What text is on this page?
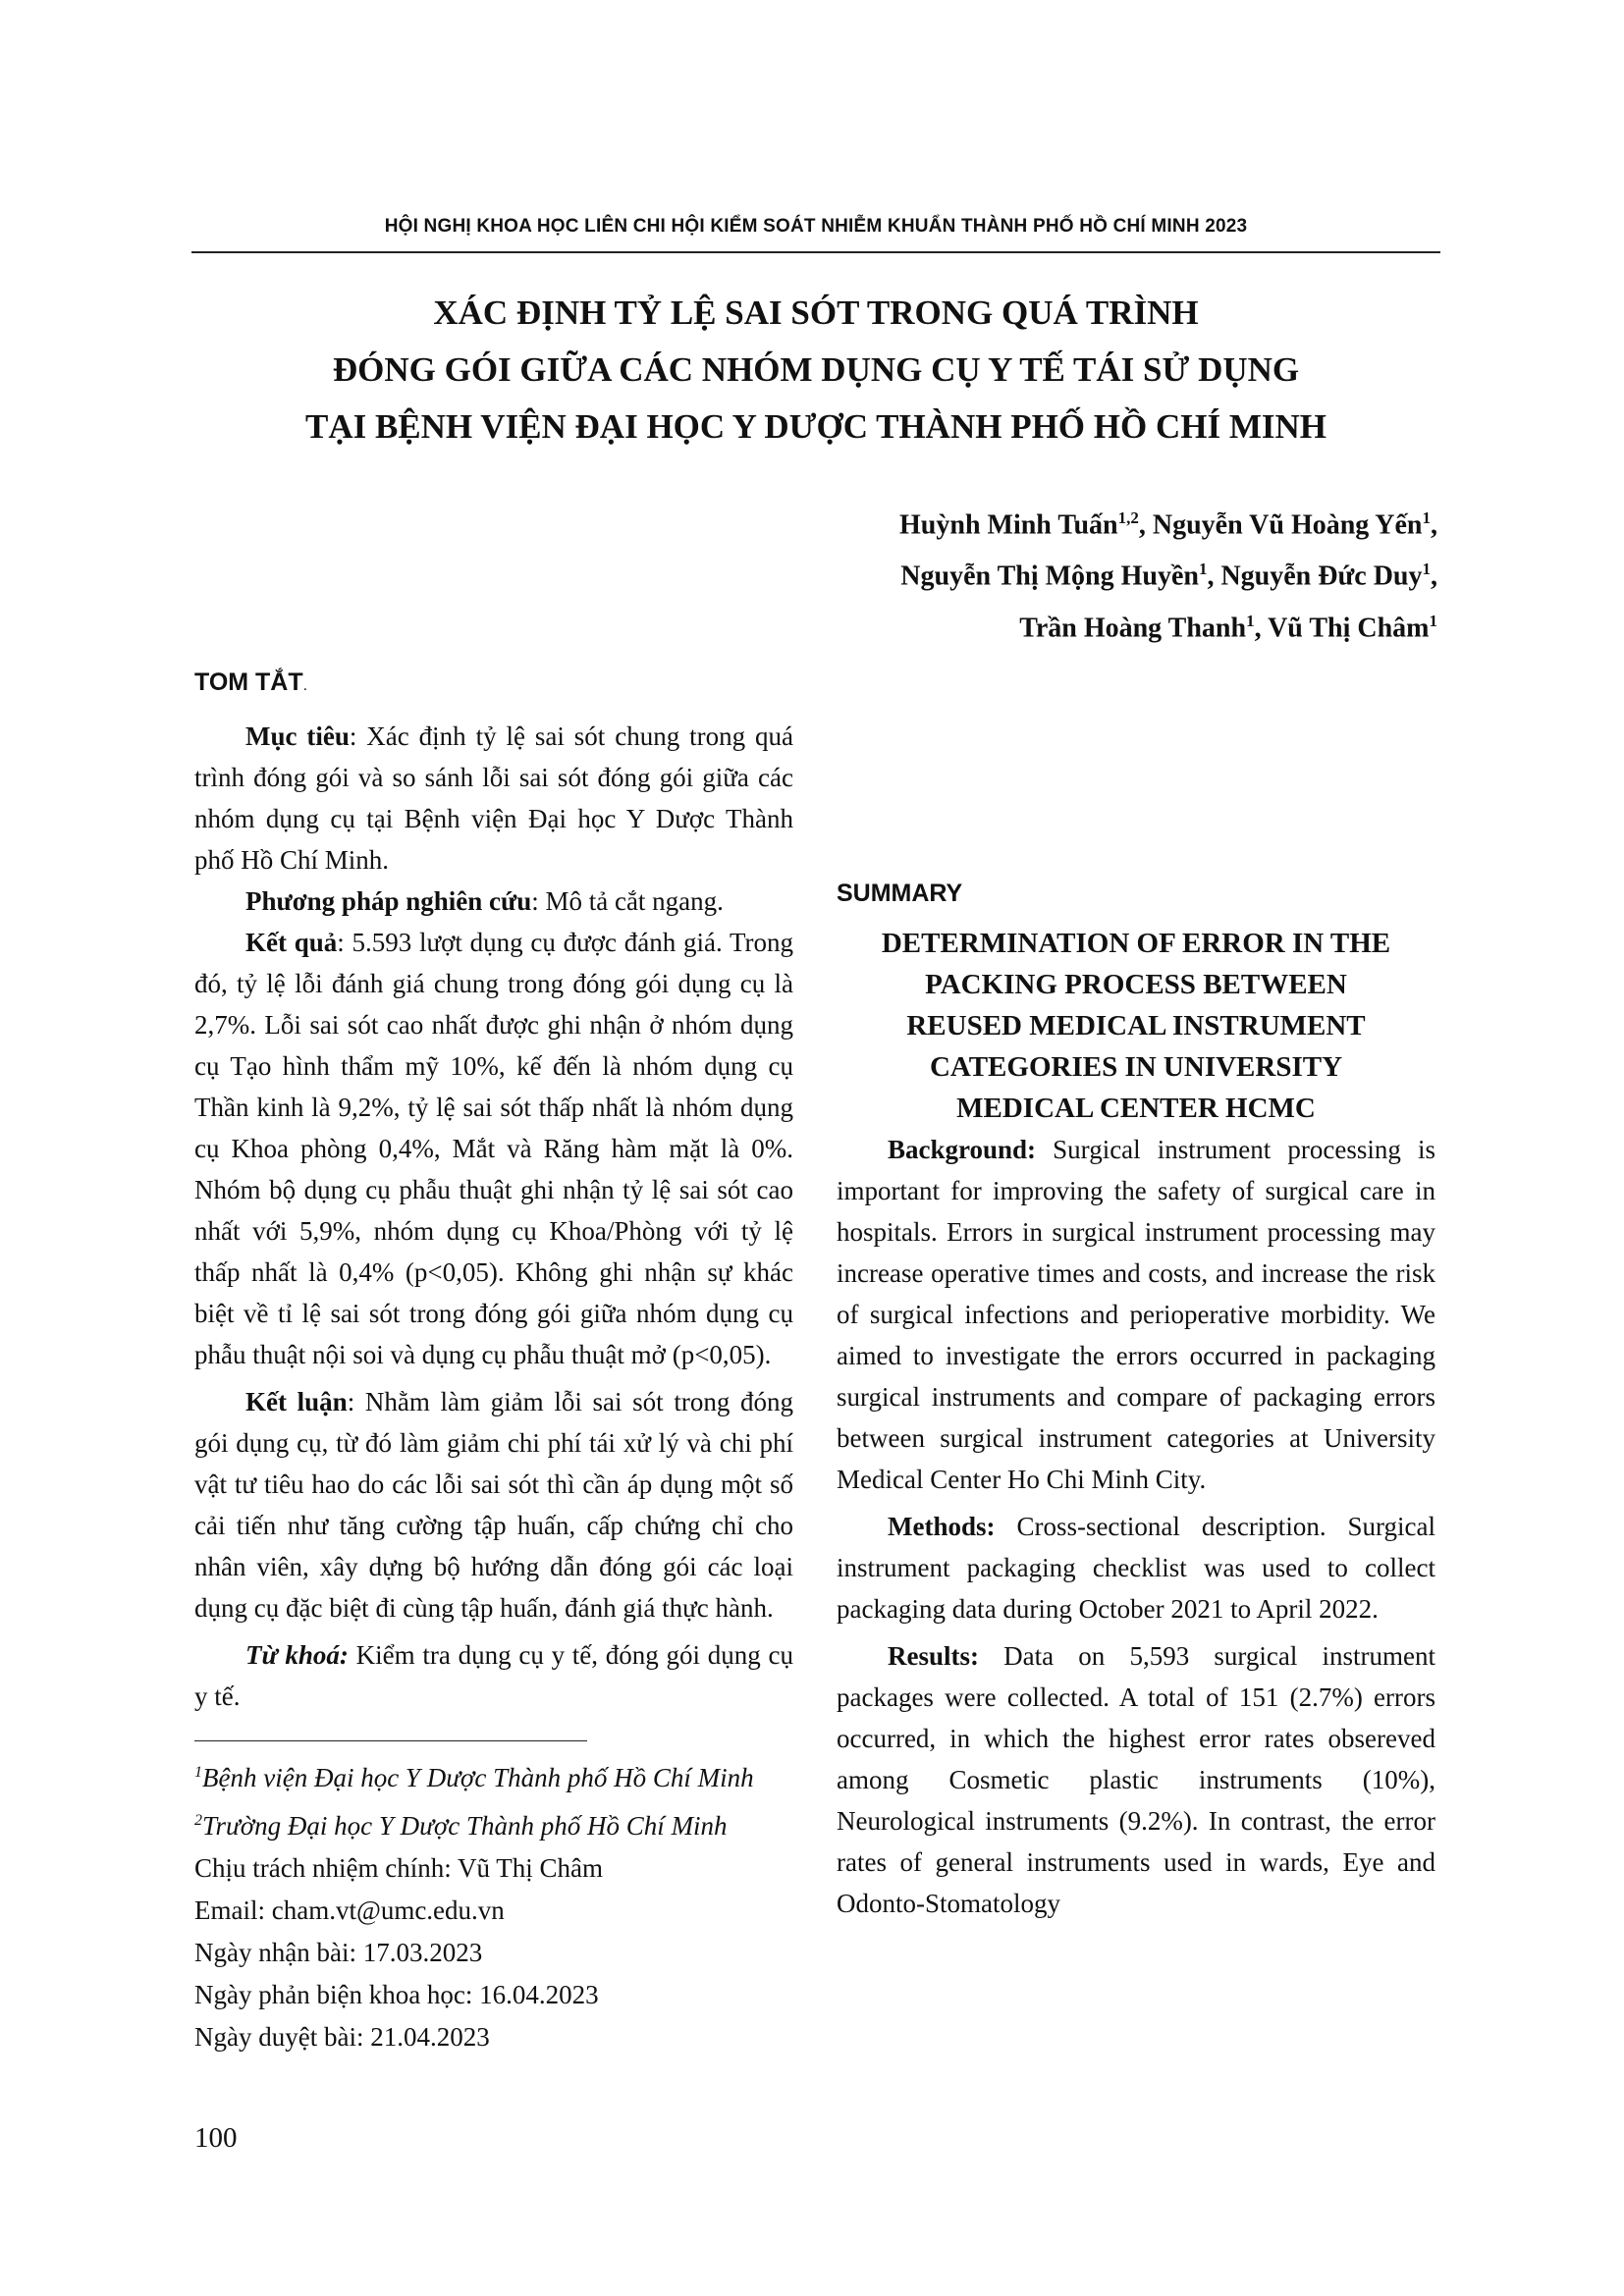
HỘI NGHỊ KHOA HỌC LIÊN CHI HỘI KIỂM SOÁT NHIỄM KHUẨN THÀNH PHỐ HỒ CHÍ MINH 2023
XÁC ĐỊNH TỶ LỆ SAI SÓT TRONG QUÁ TRÌNH
ĐÓNG GÓI GIỮA CÁC NHÓM DỤNG CỤ Y TẾ TÁI SỬ DỤNG
TẠI BỆNH VIỆN ĐẠI HỌC Y DƯỢC THÀNH PHỐ HỒ CHÍ MINH
Huỳnh Minh Tuấn$^{1,2}$, Nguyễn Vũ Hoàng Yến$^1$,
Nguyễn Thị Mộng Huyền$^1$, Nguyễn Đức Duy$^1$,
Trần Hoàng Thanh$^1$, Vũ Thị Châm$^1$
TOM TẮT.

Mục tiêu: Xác định tỷ lệ sai sót chung trong quá trình đóng gói và so sánh lỗi sai sót đóng gói giữa các nhóm dụng cụ tại Bệnh viện Đại học Y Dược Thành phố Hồ Chí Minh.

Phương pháp nghiên cứu: Mô tả cắt ngang.

Kết quả: 5.593 lượt dụng cụ được đánh giá. Trong đó, tỷ lệ lỗi đánh giá chung trong đóng gói dụng cụ là 2,7%. Lỗi sai sót cao nhất được ghi nhận ở nhóm dụng cụ Tạo hình thẩm mỹ 10%, kế đến là nhóm dụng cụ Thần kinh là 9,2%, tỷ lệ sai sót thấp nhất là nhóm dụng cụ Khoa phòng 0,4%, Mắt và Răng hàm mặt là 0%. Nhóm bộ dụng cụ phẫu thuật ghi nhận tỷ lệ sai sót cao nhất với 5,9%, nhóm dụng cụ Khoa/Phòng với tỷ lệ thấp nhất là 0,4% (p<0,05). Không ghi nhận sự khác biệt về tỉ lệ sai sót trong đóng gói giữa nhóm dụng cụ phẫu thuật nội soi và dụng cụ phẫu thuật mở (p<0,05).

Kết luận: Nhằm làm giảm lỗi sai sót trong đóng gói dụng cụ, từ đó làm giảm chi phí tái xử lý và chi phí vật tư tiêu hao do các lỗi sai sót thì cần áp dụng một số cải tiến như tăng cường tập huấn, cấp chứng chỉ cho nhân viên, xây dựng bộ hướng dẫn đóng gói các loại dụng cụ đặc biệt đi cùng tập huấn, đánh giá thực hành.

Từ khoá: Kiểm tra dụng cụ y tế, đóng gói dụng cụ y tế.

$^1$Bệnh viện Đại học Y Dược Thành phố Hồ Chí Minh

$^2$Trường Đại học Y Dược Thành phố Hồ Chí Minh

Chịu trách nhiệm chính: Vũ Thị Châm

Email: cham.vt@umc.edu.vn

Ngày nhận bài: 17.03.2023

Ngày phản biện khoa học: 16.04.2023

Ngày duyệt bài: 21.04.2023

SUMMARY
DETERMINATION OF ERROR IN THE
PACKING PROCESS BETWEEN
REUSED MEDICAL INSTRUMENT
CATEGORIES IN UNIVERSITY
MEDICAL CENTER HCMC

Background: Surgical instrument processing is important for improving the safety of surgical care in hospitals. Errors in surgical instrument processing may increase operative times and costs, and increase the risk of surgical infections and perioperative morbidity. We aimed to investigate the errors occurred in packaging surgical instruments and compare of packaging errors between surgical instrument categories at University Medical Center Ho Chi Minh City.

Methods: Cross-sectional description. Surgical instrument packaging checklist was used to collect packaging data during October 2021 to April 2022.

Results: Data on 5,593 surgical instrument packages were collected. A total of 151 (2.7%) errors occurred, in which the highest error rates obsereved among Cosmetic plastic instruments (10%), Neurological instruments (9.2%). In contrast, the error rates of general instruments used in wards, Eye and Odonto-Stomatology

100
